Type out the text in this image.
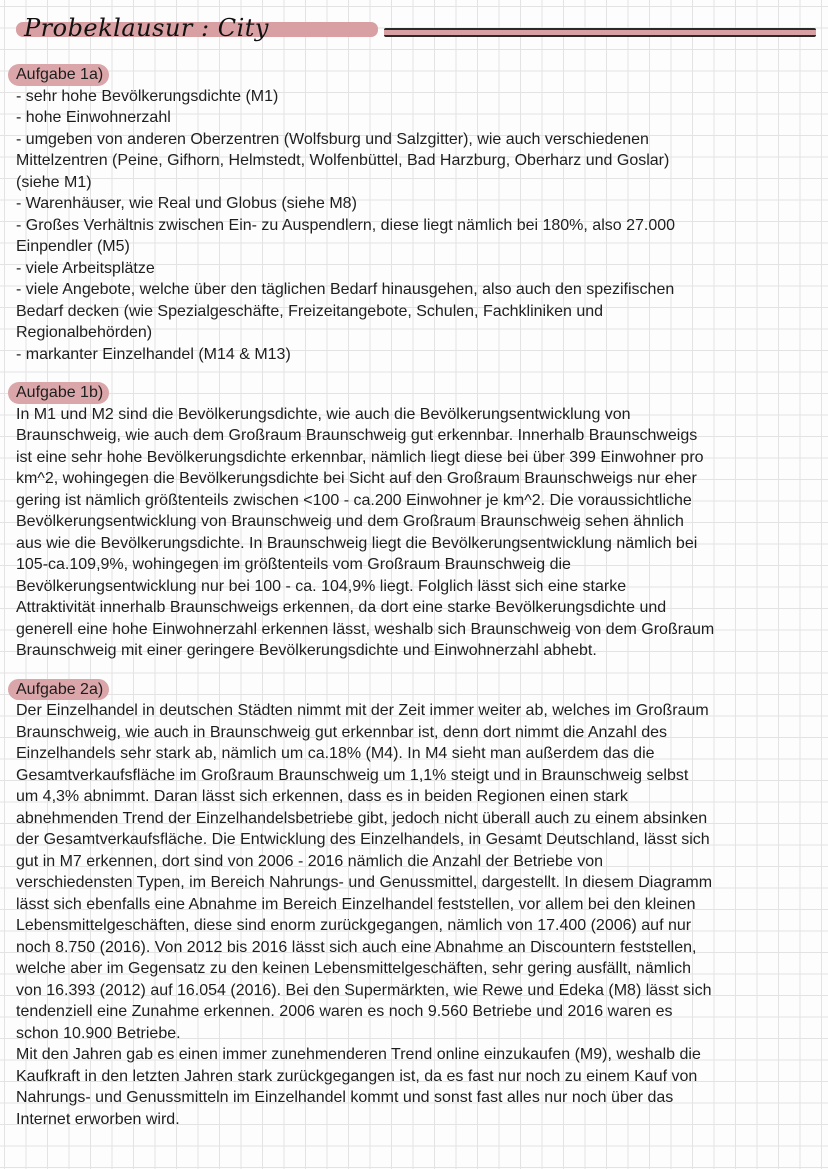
Probeklausur : City
Aufgabe 1a)

- sehr hohe Bevölkerungsdichte (M1)

- hohe Einwohnerzahl

- umgeben von anderen Oberzentren (Wolfsburg und Salzgitter), wie auch verschiedenen

Mittelzentren (Peine, Gifhorn, Helmstedt, Wolfenbüttel, Bad Harzburg, Oberharz und Goslar)

(siehe M1)

- Warenhäuser, wie Real und Globus (siehe M8)

- Großes Verhältnis zwischen Ein- zu Auspendlern, diese liegt nämlich bei 180%, also 27.000

Einpendler (M5)

- viele Arbeitsplätze

- viele Angebote, welche über den täglichen Bedarf hinausgehen, also auch den spezifischen

Bedarf decken (wie Spezialgeschäfte, Freizeitangebote, Schulen, Fachkliniken und

Regionalbehörden)

- markanter Einzelhandel (M14 & M13)

Aufgabe 1b)

In M1 und M2 sind die Bevölkerungsdichte, wie auch die Bevölkerungsentwicklung von

Braunschweig, wie auch dem Großraum Braunschweig gut erkennbar. Innerhalb Braunschweigs

ist eine sehr hohe Bevölkerungsdichte erkennbar, nämlich liegt diese bei über 399 Einwohner pro

km^2, wohingegen die Bevölkerungsdichte bei Sicht auf den Großraum Braunschweigs nur eher

gering ist nämlich größtenteils zwischen <100 - ca.200 Einwohner je km^2. Die voraussichtliche

Bevölkerungsentwicklung von Braunschweig und dem Großraum Braunschweig sehen ähnlich

aus wie die Bevölkerungsdichte. In Braunschweig liegt die Bevölkerungsentwicklung nämlich bei

105-ca.109,9%, wohingegen im größtenteils vom Großraum Braunschweig die

Bevölkerungsentwicklung nur bei 100 - ca. 104,9% liegt. Folglich lässt sich eine starke

Attraktivität innerhalb Braunschweigs erkennen, da dort eine starke Bevölkerungsdichte und

generell eine hohe Einwohnerzahl erkennen lässt, weshalb sich Braunschweig von dem Großraum

Braunschweig mit einer geringere Bevölkerungsdichte und Einwohnerzahl abhebt.

Aufgabe 2a)

Der Einzelhandel in deutschen Städten nimmt mit der Zeit immer weiter ab, welches im Großraum

Braunschweig, wie auch in Braunschweig gut erkennbar ist, denn dort nimmt die Anzahl des

Einzelhandels sehr stark ab, nämlich um ca.18% (M4). In M4 sieht man außerdem das die

Gesamtverkaufsfläche im Großraum Braunschweig um 1,1% steigt und in Braunschweig selbst

um 4,3% abnimmt. Daran lässt sich erkennen, dass es in beiden Regionen einen stark

abnehmenden Trend der Einzelhandelsbetriebe gibt, jedoch nicht überall auch zu einem absinken

der Gesamtverkaufsfläche. Die Entwicklung des Einzelhandels, in Gesamt Deutschland, lässt sich

gut in M7 erkennen, dort sind von 2006 - 2016 nämlich die Anzahl der Betriebe von

verschiedensten Typen, im Bereich Nahrungs- und Genussmittel, dargestellt. In diesem Diagramm

lässt sich ebenfalls eine Abnahme im Bereich Einzelhandel feststellen, vor allem bei den kleinen

Lebensmittelgeschäften, diese sind enorm zurückgegangen, nämlich von 17.400 (2006) auf nur

noch 8.750 (2016). Von 2012 bis 2016 lässt sich auch eine Abnahme an Discountern feststellen,

welche aber im Gegensatz zu den keinen Lebensmittelgeschäften, sehr gering ausfällt, nämlich

von 16.393 (2012) auf 16.054 (2016). Bei den Supermärkten, wie Rewe und Edeka (M8) lässt sich

tendenziell eine Zunahme erkennen. 2006 waren es noch 9.560 Betriebe und 2016 waren es

schon 10.900 Betriebe.

Mit den Jahren gab es einen immer zunehmenderen Trend online einzukaufen (M9), weshalb die

Kaufkraft in den letzten Jahren stark zurückgegangen ist, da es fast nur noch zu einem Kauf von

Nahrungs- und Genussmitteln im Einzelhandel kommt und sonst fast alles nur noch über das

Internet erworben wird.
